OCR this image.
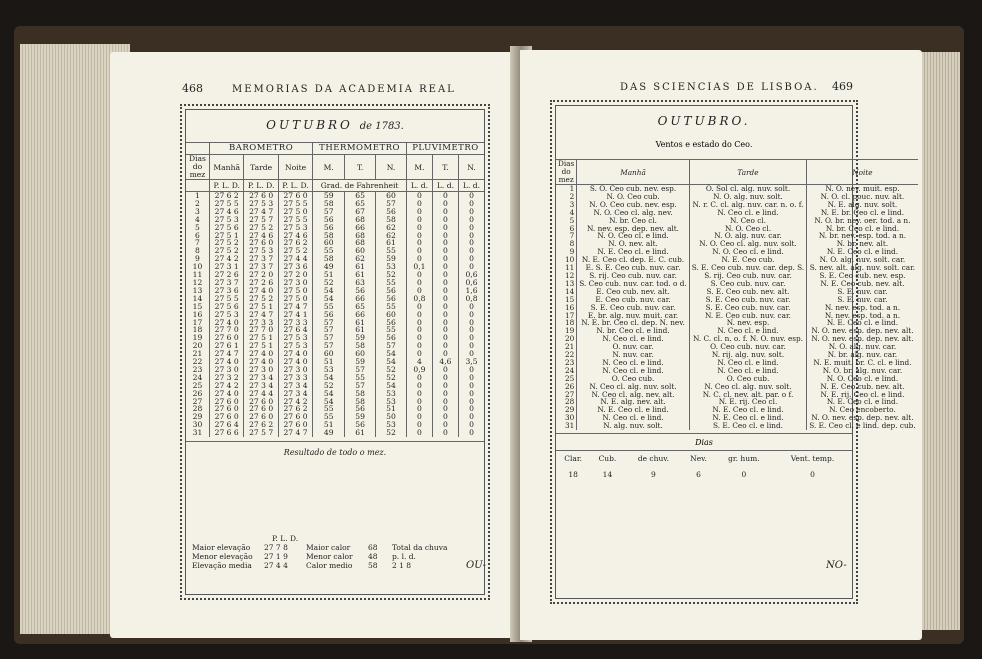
468	MEMORIAS DA ACADEMIA REAL
OUTUBRO de 1783.
	BAROMETRO			THERMOMETRO			PLUVIMETRO		
Dias
do
mez	Manhã	Tarde	Noite	M.	T.	N.	M.	T.	N.
	P. L. D.	P. L. D.	P. L. D.	Grad. de Fahrenheit			L. d.	L. d.	L. d.
1	27 6 2	27 6 0	27 6 0	59	65	60	0	0	0
2	27 5 5	27 5 3	27 5 5	58	65	57	0	0	0
3	27 4 6	27 4 7	27 5 0	57	67	56	0	0	0
4	27 5 3	27 5 7	27 5 5	56	68	58	0	0	0
5	27 5 6	27 5 2	27 5 3	56	66	62	0	0	0
6	27 5 1	27 4 6	27 4 6	58	68	62	0	0	0
7	27 5 2	27 6 0	27 6 2	60	68	61	0	0	0
8	27 5 2	27 5 3	27 5 2	55	60	55	0	0	0
9	27 4 2	27 3 7	27 4 4	58	62	59	0	0	0
10	27 3 1	27 3 7	27 3 6	49	61	53	0,1	0	0
11	27 2 6	27 2 0	27 2 0	51	61	52	0	0	0,6
12	27 3 7	27 2 6	27 3 0	52	63	55	0	0	0,6
13	27 3 6	27 4 0	27 5 0	54	56	56	0	0	1,6
14	27 5 5	27 5 2	27 5 0	54	66	56	0,8	0	0,8
15	27 5 6	27 5 1	27 4 7	55	65	55	0	0	0
16	27 5 3	27 4 7	27 4 1	56	66	60	0	0	0
17	27 4 0	27 3 3	27 3 3	57	61	56	0	0	0
18	27 7 0	27 7 0	27 6 4	57	61	55	0	0	0
19	27 6 0	27 5 1	27 5 3	57	59	56	0	0	0
20	27 6 1	27 5 1	27 5 3	57	58	57	0	0	0
21	27 4 7	27 4 0	27 4 0	60	60	54	0	0	0
22	27 4 0	27 4 0	27 4 0	51	59	54	4	4,6	3,5
23	27 3 0	27 3 0	27 3 0	53	57	52	0,9	0	0
24	27 3 2	27 3 4	27 3 3	54	55	52	0	0	0
25	27 4 2	27 3 4	27 3 4	52	57	54	0	0	0
26	27 4 0	27 4 4	27 3 4	54	58	53	0	0	0
27	27 6 0	27 6 0	27 4 2	54	58	53	0	0	0
28	27 6 0	27 6 0	27 6 2	55	56	51	0	0	0
29	27 6 0	27 6 0	27 6 0	55	59	50	0	0	0
30	27 6 4	27 6 2	27 6 0	51	56	53	0	0	0
31	27 6 6	27 5 7	27 4 7	49	61	52	0	0	0
Resultado de todo o mez.
P. L. D.
Maior elevação	27 7 8	Maior calor	68	Total da chuva
Menor elevação	27 1 9	Menor calor	48	p. l. d.
Elevação media	27 4 4	Calor medio	58	2 1 8	OU-
DAS SCIENCIAS DE LISBOA. 469
OUTUBRO.
Ventos e estado do Ceo.
Dias
do
mez	Manhã	Tarde	Noite
1	S. O. Ceo cub. nev. esp.	O. Sol cl. alg. nuv. solt.	N. O. nev. muit. esp.
2	N. O. Ceo cub.	N. O. alg. nuv. solt.	N. O. cl. pouc. nuv. alt.
3	N. O. Ceo cub. nev. esp.	N. r. C. cl. alg. nuv. car. n. o. f.	N. E. alg. nuv. solt.
4	N. O. Ceo cl. alg. nev.	N. Ceo cl. e lind.	N. E. br. Ceo cl. e lind.
5	N. br. Ceo cl.	N. Ceo cl.	N. O. br. nev. oer. tod. a n.
6	N. nev. esp. dep. nev. alt.	N. O. Ceo cl.	N. br. Ceo cl. e lind.
7	N. O. Ceo cl. e lind.	N. O. alg. nuv. car.	N. br. nev. esp. tod. a n.
8	N. O. nev. alt.	N. O. Ceo cl. alg. nuv. solt.	N. br. nev. alt.
9	N. E. Ceo cl. e lind.	N. O. Ceo cl. e lind.	N. E. Ceo cl. e lind.
10	N. E. Ceo cl. dep. E. C. cub.	N. E. Ceo cub.	N. O. alg. nuv. solt. car.
11	E. S. E. Ceo cub. nuv. car.	S. E. Ceo cub. nuv. car. dep. S.	S. nev. alt. alg. nuv. solt. car.
12	S. rij. Ceo cub. nuv. car.	S. rij. Ceo cub. nuv. car.	S. E. Ceo cub. nev. esp.
13	S. Ceo cub. nuv. car. tod. o d.	S. Ceo cub. nuv. car.	N. E. Ceo cub. nev. alt.
14	E. Ceo cub. nev. alt.	S. E. Ceo cub. nev. alt.	S. E. nuv. car.
15	E. Ceo cub. nuv. car.	S. E. Ceo cub. nuv. car.	S. E. nuv. car.
16	S. E. Ceo cub. nuv. car.	S. E. Ceo cub. nuv. car.	N. nev. esp. tod. a n.
17	E. br. alg. nuv. muit. car.	N. E. Ceo cub. nuv. car.	N. nev. esp. tod. a n.
18	N. E. br. Ceo cl. dep. N. nev.	N. nev. esp.	N. E. Ceo cl. e lind.
19	N. br. Ceo cl. e lind.	N. Ceo cl. e lind.	N. O. nev. esp. dep. nev. alt.
20	N. Ceo cl. e lind.	N. C. cl. n. o. f. N. O. nuv. esp.	N. O. nev. esp. dep. nev. alt.
21	O. nuv. car.	O. Ceo cub. nuv. car.	N. O. alg. nuv. car.
22	N. nuv. car.	N. rij. alg. nuv. solt.	N. br. alg. nuv. car.
23	N. Ceo cl. e lind.	N. Ceo cl. e lind.	N. E. muit. br. C. cl. e lind.
24	N. Ceo cl. e lind.	N. Ceo cl. e lind.	N. O. br. alg. nuv. car.
25	O. Ceo cub.	O. Ceo cub.	N. O. Ceo cl. e lind.
26	N. Ceo cl. alg. nuv. solt.	N. Ceo cl. alg. nuv. solt.	N. E. Ceo cub. nev. alt.
27	N. Ceo cl. alg. nev. alt.	N. C. cl. nev. alt. par. o f.	N. E. rij. Ceo cl. e lind.
28	N. E. alg. nev. alt.	N. E. rij. Ceo cl.	N. E. Ceo cl. e lind.
29	N. E. Ceo cl. e lind.	N. E. Ceo cl. e lind.	N. Ceo encoberto.
30	N. Ceo cl. e lind.	N. E. Ceo cl. e lind.	N. O. nev. esp. dep. nev. alt.
31	N. alg. nuv. solt.	S. E. Ceo cl. e lind.	S. E. Ceo cl. e lind. dep. cub.
Dias
Clar.	Cub.	de chuv.	Nev.	gr. hum.	Vent. temp.
18	14	9	6	0	0
NO-
